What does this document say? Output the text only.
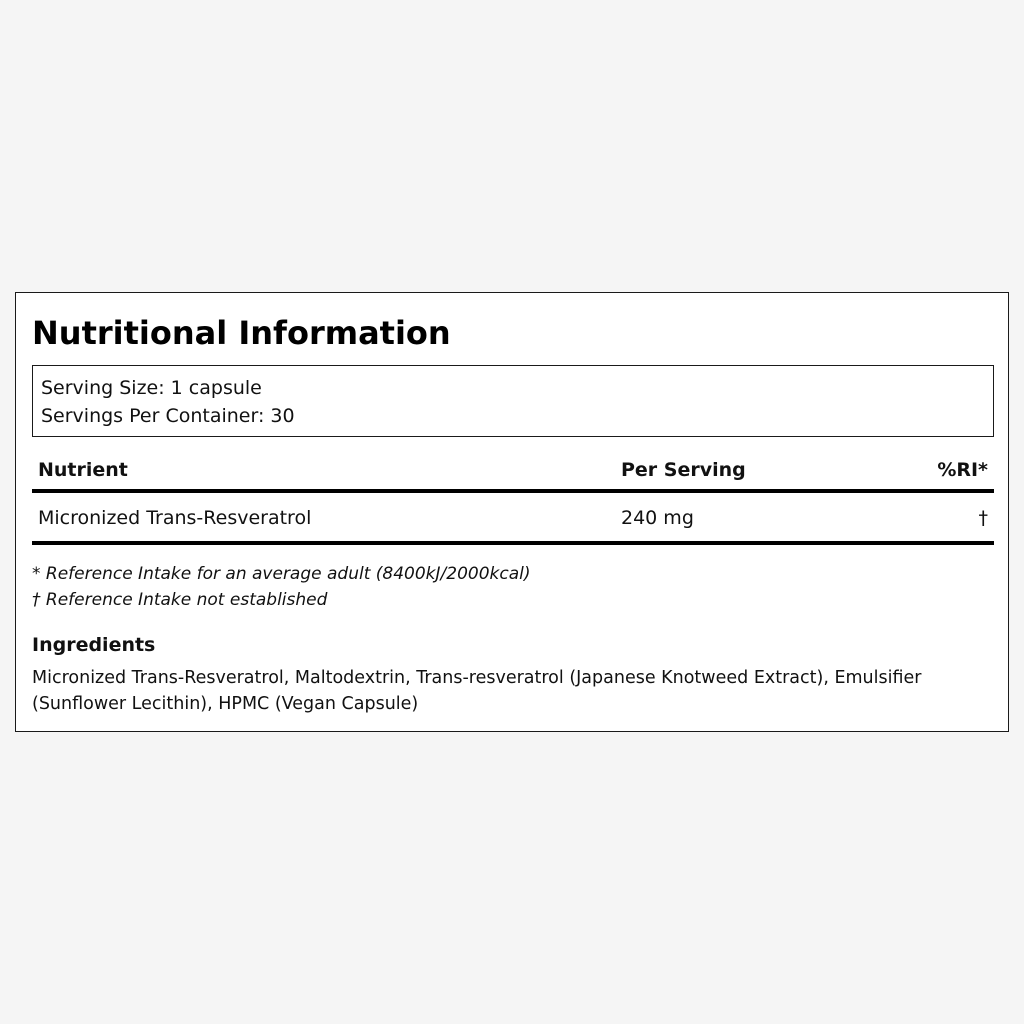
Nutritional Information
Serving Size: 1 capsule
Servings Per Container: 30
Nutrient	Per Serving	%RI*
Micronized Trans-Resveratrol	240 mg	†
* Reference Intake for an average adult (8400kJ/2000kcal)
† Reference Intake not established
Ingredients
Micronized Trans-Resveratrol, Maltodextrin, Trans-resveratrol (Japanese Knotweed Extract), Emulsifier (Sunflower Lecithin), HPMC (Vegan Capsule)
